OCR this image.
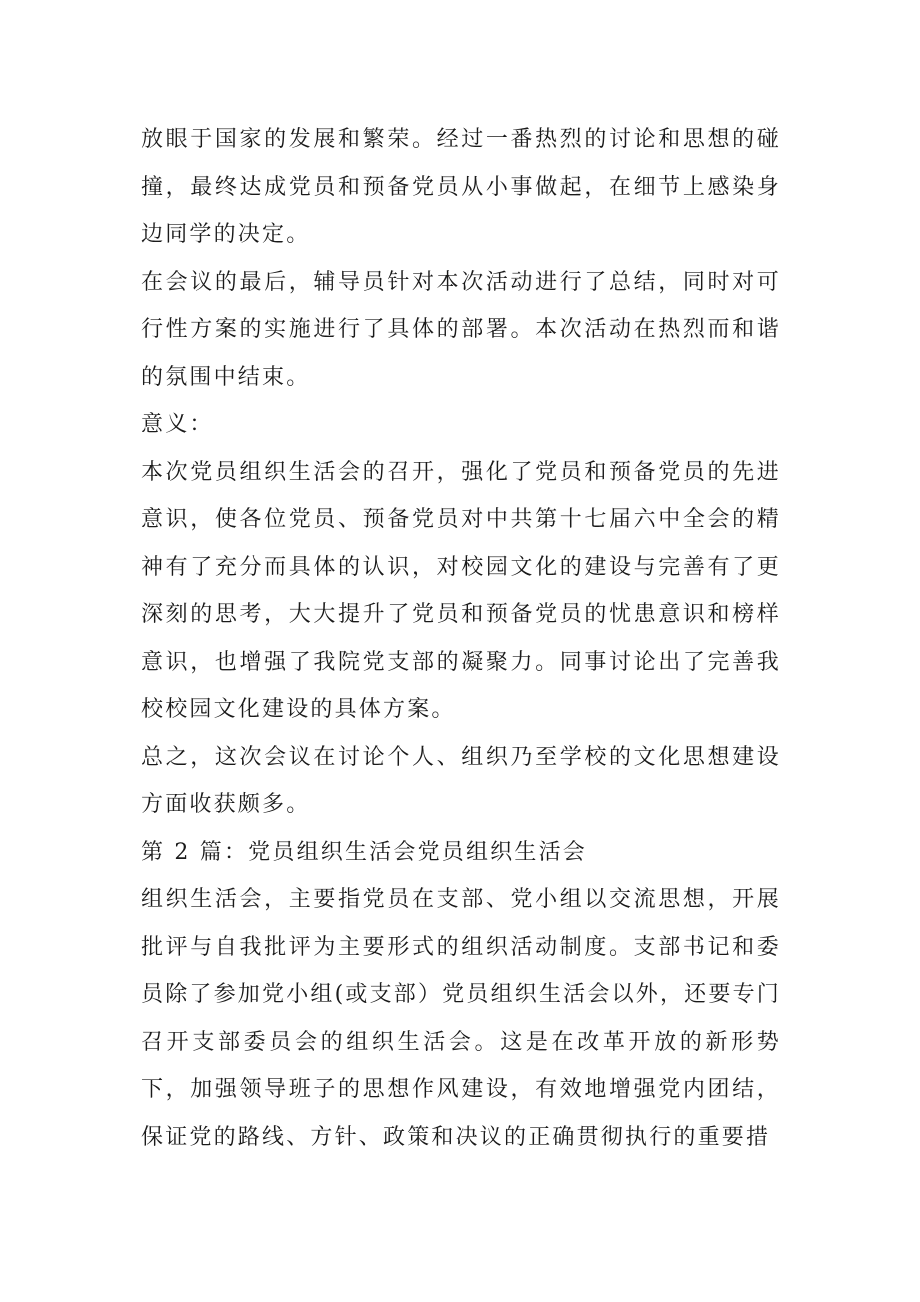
放眼于国家的发展和繁荣。经过一番热烈的讨论和思想的碰撞，最终达成党员和预备党员从小事做起，在细节上感染身边同学的决定。

在会议的最后，辅导员针对本次活动进行了总结，同时对可行性方案的实施进行了具体的部署。本次活动在热烈而和谐的氛围中结束。

意义：

本次党员组织生活会的召开，强化了党员和预备党员的先进意识，使各位党员、预备党员对中共第十七届六中全会的精神有了充分而具体的认识，对校园文化的建设与完善有了更深刻的思考，大大提升了党员和预备党员的忧患意识和榜样意识，也增强了我院党支部的凝聚力。同事讨论出了完善我校校园文化建设的具体方案。

总之，这次会议在讨论个人、组织乃至学校的文化思想建设方面收获颇多。

第 2 篇：党员组织生活会党员组织生活会

组织生活会，主要指党员在支部、党小组以交流思想，开展批评与自我批评为主要形式的组织活动制度。支部书记和委员除了参加党小组(或支部）党员组织生活会以外，还要专门召开支部委员会的组织生活会。这是在改革开放的新形势下，加强领导班子的思想作风建设，有效地增强党内团结，保证党的路线、方针、政策和决议的正确贯彻执行的重要措
